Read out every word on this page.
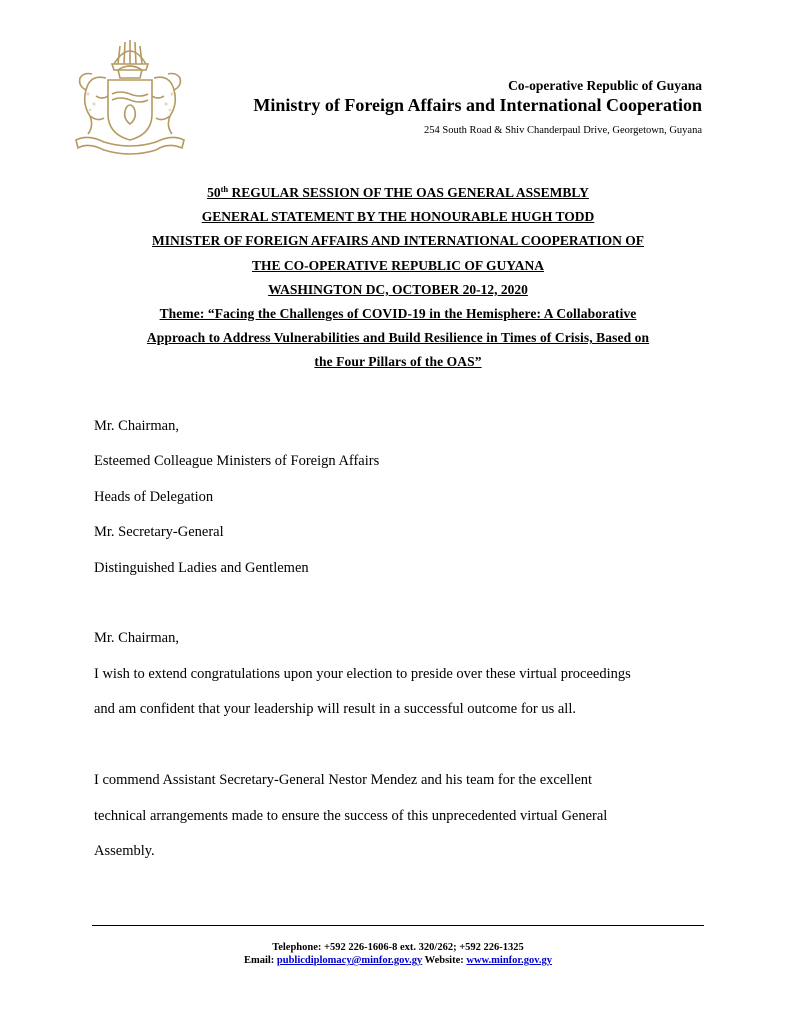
Co-operative Republic of Guyana
Ministry of Foreign Affairs and International Cooperation
254 South Road & Shiv Chanderpaul Drive, Georgetown, Guyana
50th REGULAR SESSION OF THE OAS GENERAL ASSEMBLY
GENERAL STATEMENT BY THE HONOURABLE HUGH TODD
MINISTER OF FOREIGN AFFAIRS AND INTERNATIONAL COOPERATION OF
THE CO-OPERATIVE REPUBLIC OF GUYANA
WASHINGTON DC, OCTOBER 20-12, 2020
Theme: “Facing the Challenges of COVID-19 in the Hemisphere: A Collaborative
Approach to Address Vulnerabilities and Build Resilience in Times of Crisis, Based on
the Four Pillars of the OAS”
Mr. Chairman,
Esteemed Colleague Ministers of Foreign Affairs
Heads of Delegation
Mr. Secretary-General
Distinguished Ladies and Gentlemen
Mr. Chairman,
I wish to extend congratulations upon your election to preside over these virtual proceedings
and am confident that your leadership will result in a successful outcome for us all.
I commend Assistant Secretary-General Nestor Mendez and his team for the excellent
technical arrangements made to ensure the success of this unprecedented virtual General
Assembly.
Telephone: +592 226-1606-8 ext. 320/262; +592 226-1325
Email: publicdiplomacy@minfor.gov.gy Website: www.minfor.gov.gy
